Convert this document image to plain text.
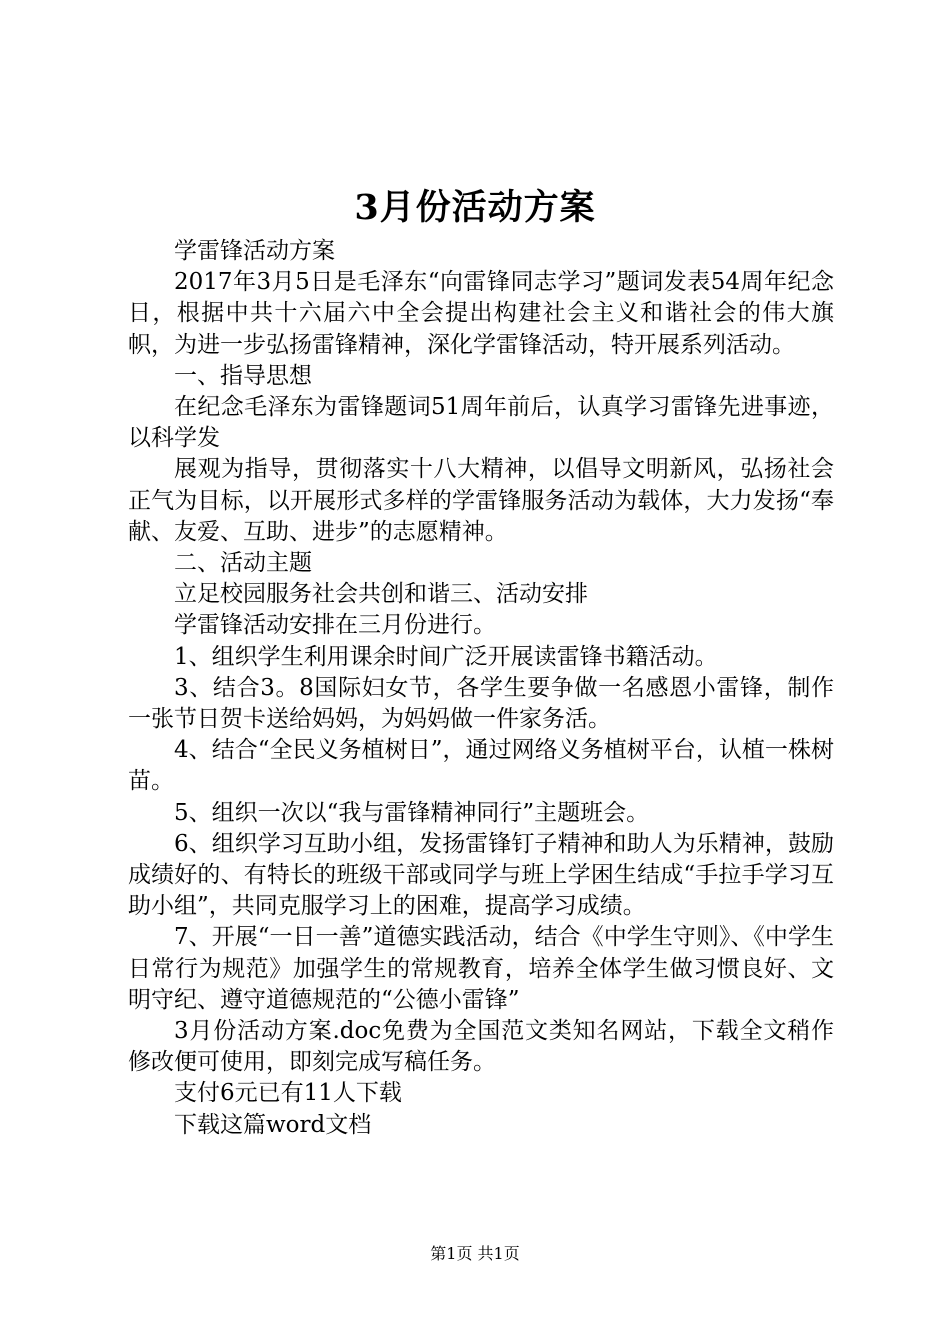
3月份活动方案

学雷锋活动方案

2017年3月5日是毛泽东“向雷锋同志学习”题词发表54周年纪念日，根据中共十六届六中全会提出构建社会主义和谐社会的伟大旗帜，为进一步弘扬雷锋精神，深化学雷锋活动，特开展系列活动。

一、指导思想

在纪念毛泽东为雷锋题词51周年前后，认真学习雷锋先进事迹，以科学发

展观为指导，贯彻落实十八大精神，以倡导文明新风，弘扬社会正气为目标，以开展形式多样的学雷锋服务活动为载体，大力发扬“奉献、友爱、互助、进步”的志愿精神。

二、活动主题

立足校园服务社会共创和谐三、活动安排

学雷锋活动安排在三月份进行。

1、组织学生利用课余时间广泛开展读雷锋书籍活动。

3、结合3。8国际妇女节，各学生要争做一名感恩小雷锋，制作一张节日贺卡送给妈妈，为妈妈做一件家务活。

4、结合“全民义务植树日”，通过网络义务植树平台，认植一株树苗。

5、组织一次以“我与雷锋精神同行”主题班会。

6、组织学习互助小组，发扬雷锋钉子精神和助人为乐精神，鼓励成绩好的、有特长的班级干部或同学与班上学困生结成“手拉手学习互助小组”，共同克服学习上的困难，提高学习成绩。

7、开展“一日一善”道德实践活动，结合《中学生守则》、《中学生日常行为规范》加强学生的常规教育，培养全体学生做习惯良好、文明守纪、遵守道德规范的“公德小雷锋”

3月份活动方案.doc免费为全国范文类知名网站，下载全文稍作修改便可使用，即刻完成写稿任务。

支付6元已有11人下载

下载这篇word文档

第1页 共1页
